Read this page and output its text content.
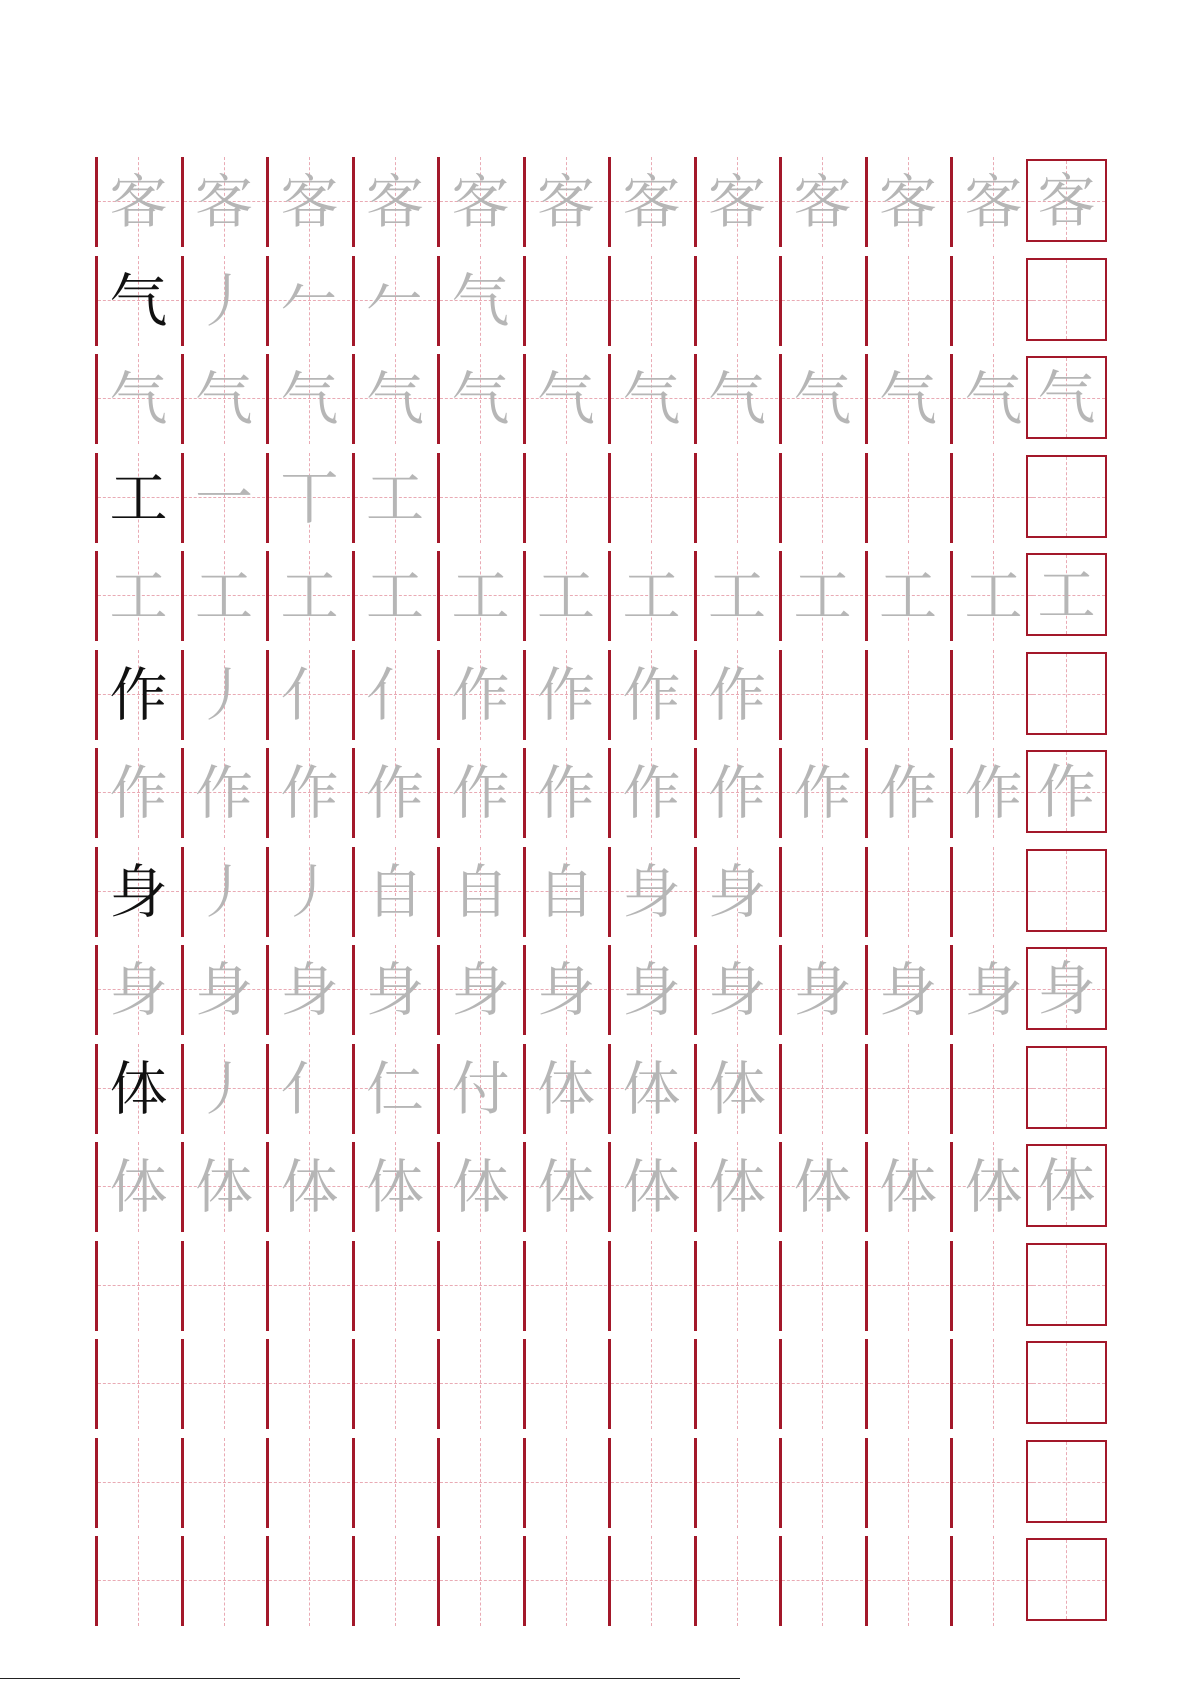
客 客 客 客 客 客 客 客 客 客 客 客
气 丿 𠂉 𠂉 气
气 气 气 气 气 气 气 气 气 气 气 气
工 一 丅 工
工 工 工 工 工 工 工 工 工 工 工 工
作 丿 亻 亻 作 作 作 作
作 作 作 作 作 作 作 作 作 作 作 作
身 丿 丿 自 自 自 身 身
身 身 身 身 身 身 身 身 身 身 身 身
体 丿 亻 仁 付 体 体 体
体 体 体 体 体 体 体 体 体 体 体 体
